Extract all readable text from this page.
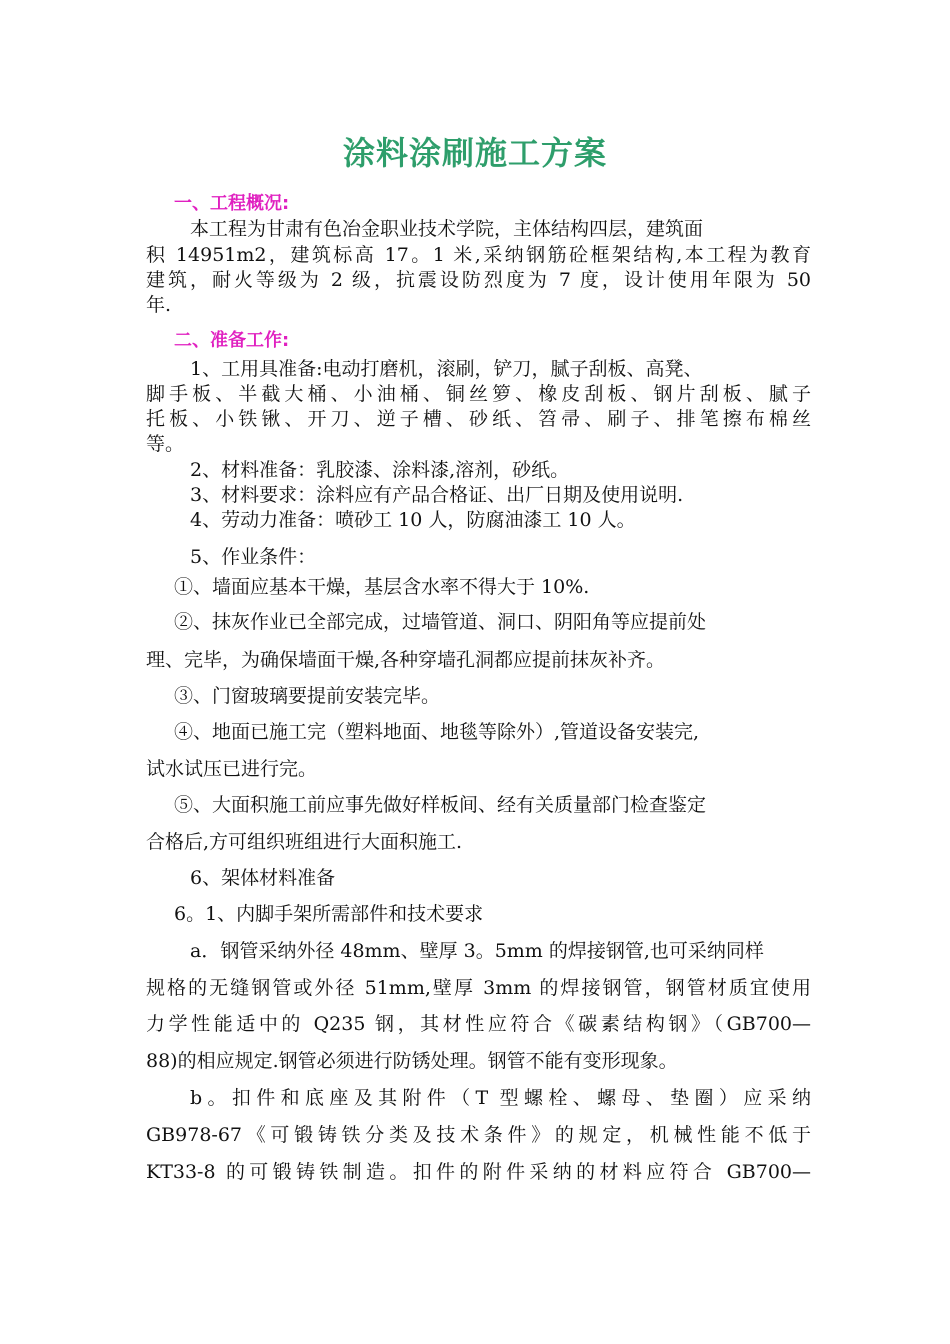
涂料涂刷施工方案
一、工程概况:
本工程为甘肃有色冶金职业技术学院，主体结构四层，建筑面
积 14951m2，建筑标高 17。1 米,采纳钢筋砼框架结构,本工程为教育
建筑，耐火等级为 2 级，抗震设防烈度为 7 度，设计使用年限为 50
年.
二、准备工作:
1、工用具准备:电动打磨机，滚刷，铲刀，腻子刮板、高凳、
脚手板、半截大桶、小油桶、铜丝箩、橡皮刮板、钢片刮板、腻子
托板、小铁锹、开刀、逆子槽、砂纸、笤帚、刷子、排笔擦布棉丝
等。
2、材料准备：乳胶漆、涂料漆,溶剂，砂纸。
3、材料要求：涂料应有产品合格证、出厂日期及使用说明.
4、劳动力准备：喷砂工 10 人，防腐油漆工 10 人。
5、作业条件：
①、墙面应基本干燥，基层含水率不得大于 10%.
②、抹灰作业已全部完成，过墙管道、洞口、阴阳角等应提前处
理、完毕，为确保墙面干燥,各种穿墙孔洞都应提前抹灰补齐。
③、门窗玻璃要提前安装完毕。
④、地面已施工完（塑料地面、地毯等除外）,管道设备安装完,
试水试压已进行完。
⑤、大面积施工前应事先做好样板间、经有关质量部门检查鉴定
合格后,方可组织班组进行大面积施工.
6、架体材料准备
6。1、内脚手架所需部件和技术要求
a．钢管采纳外径 48mm、壁厚 3。5mm 的焊接钢管,也可采纳同样
规格的无缝钢管或外径 51mm,壁厚 3mm 的焊接钢管，钢管材质宜使用
力学性能适中的 Q235 钢，其材性应符合《碳素结构钢》（GB700—
88)的相应规定.钢管必须进行防锈处理。钢管不能有变形现象。
b。扣件和底座及其附件（T 型螺栓、螺母、垫圈）应采纳
GB978-67《可锻铸铁分类及技术条件》的规定，机械性能不低于
KT33-8 的可锻铸铁制造。扣件的附件采纳的材料应符合 GB700—
